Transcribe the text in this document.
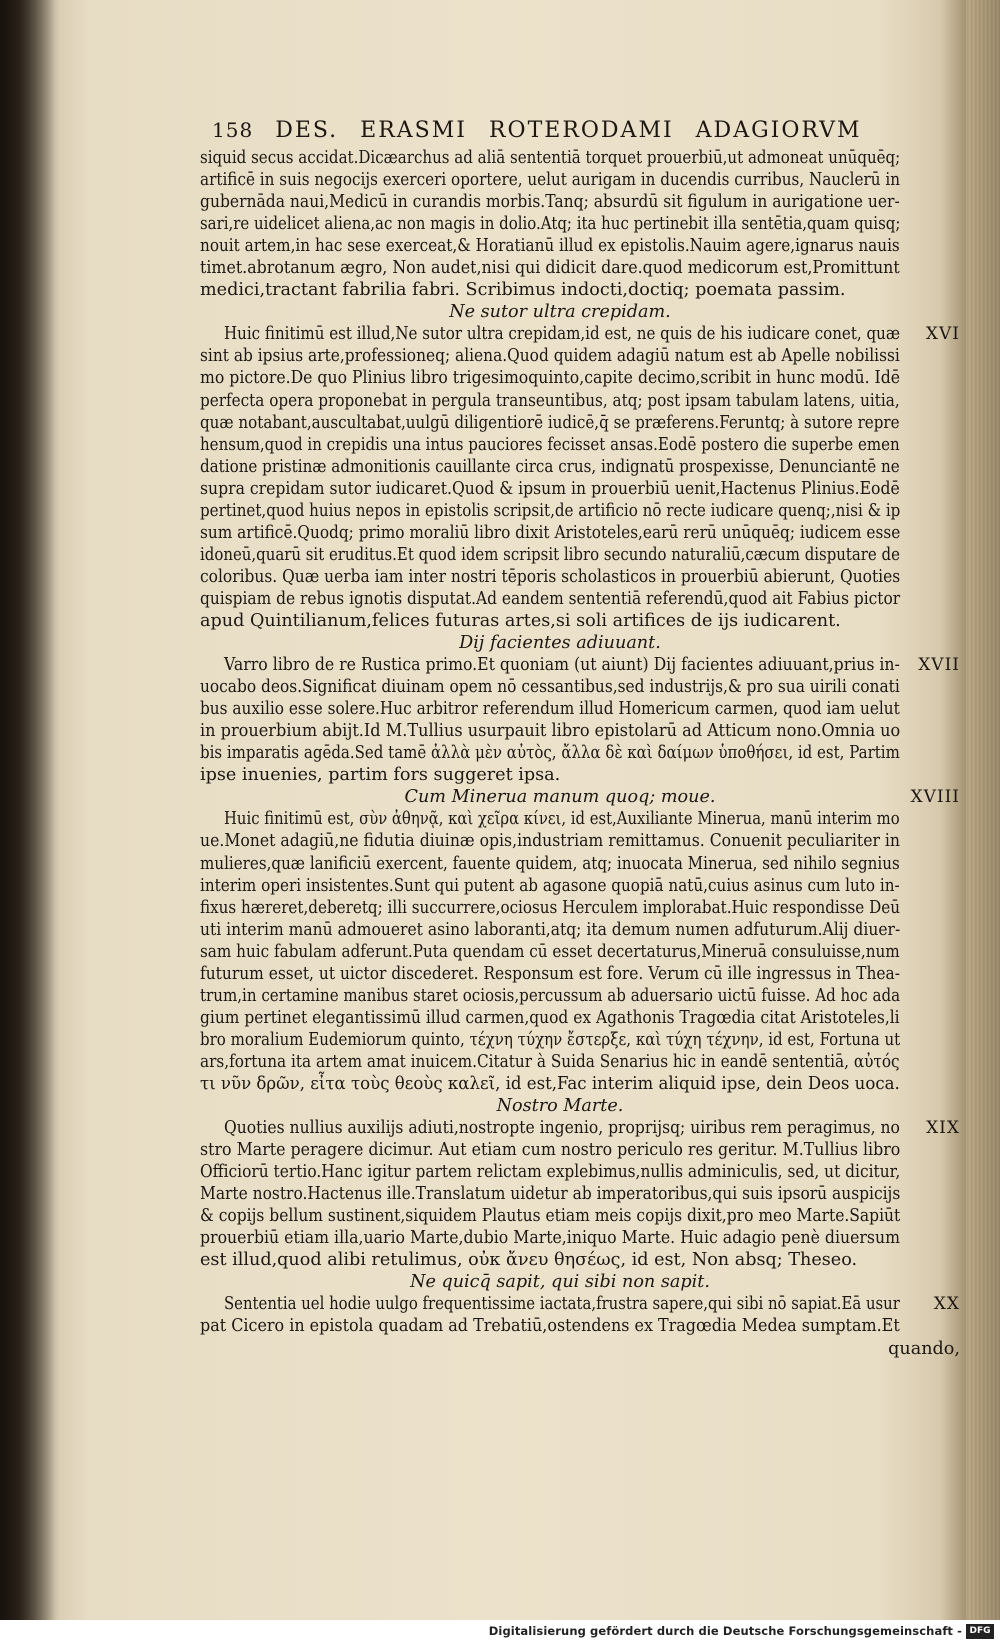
158 DES. ERASMI ROTERODAMI ADAGIORVM
siquid secus accidat.Dicæarchus ad aliā sententiā torquet prouerbiū,ut admoneat unūquēq;
artificē in suis negocijs exerceri oportere, uelut aurigam in ducendis curribus, Nauclerū in
gubernāda naui,Medicū in curandis morbis.Tanq; absurdū sit figulum in aurigatione uer-
sari,re uidelicet aliena,ac non magis in dolio.Atq; ita huc pertinebit illa sentētia,quam quisq;
nouit artem,in hac sese exerceat,& Horatianū illud ex epistolis.Nauim agere,ignarus nauis
timet.abrotanum ægro, Non audet,nisi qui didicit dare.quod medicorum est,Promittunt
medici,tractant fabrilia fabri. Scribimus indocti,doctiq; poemata passim.
Ne sutor ultra crepidam.
Huic finitimū est illud,Ne sutor ultra crepidam,id est, ne quis de his iudicare conet, quæ XVI
sint ab ipsius arte,professioneq; aliena.Quod quidem adagiū natum est ab Apelle nobilissi
mo pictore.De quo Plinius libro trigesimoquinto,capite decimo,scribit in hunc modū. Idē
perfecta opera proponebat in pergula transeuntibus, atq; post ipsam tabulam latens, uitia,
quæ notabant,auscultabat,uulgū diligentiorē iudicē,q̄ se præferens.Feruntq; à sutore repre
hensum,quod in crepidis una intus pauciores fecisset ansas.Eodē postero die superbe emen
datione pristinæ admonitionis cauillante circa crus, indignatū prospexisse, Denunciantē ne
supra crepidam sutor iudicaret.Quod & ipsum in prouerbiū uenit,Hactenus Plinius.Eodē
pertinet,quod huius nepos in epistolis scripsit,de artificio nō recte iudicare quenq;,nisi & ip
sum artificē.Quodq; primo moraliū libro dixit Aristoteles,earū rerū unūquēq; iudicem esse
idoneū,quarū sit eruditus.Et quod idem scripsit libro secundo naturaliū,cæcum disputare de
coloribus. Quæ uerba iam inter nostri tēporis scholasticos in prouerbiū abierunt, Quoties
quispiam de rebus ignotis disputat.Ad eandem sententiā referendū,quod ait Fabius pictor
apud Quintilianum,felices futuras artes,si soli artifices de ijs iudicarent.
Dij facientes adiuuant.
Varro libro de re Rustica primo.Et quoniam (ut aiunt) Dij facientes adiuuant,prius in- XVII
uocabo deos.Significat diuinam opem nō cessantibus,sed industrijs,& pro sua uirili conati
bus auxilio esse solere.Huc arbitror referendum illud Homericum carmen, quod iam uelut
in prouerbium abijt.Id M.Tullius usurpauit libro epistolarū ad Atticum nono.Omnia uo
bis imparatis agēda.Sed tamē ἀλλὰ μὲν αὐτὸς, ἄλλα δὲ καὶ δαίμων ὑποθήσει, id est, Partim
ipse inuenies, partim fors suggeret ipsa.
Cum Minerua manum quoq; moue.	XVIII
Huic finitimū est, σὺν ἀθηνᾷ, καὶ χεῖρα κίνει, id est,Auxiliante Minerua, manū interim mo
ue.Monet adagiū,ne fidutia diuinæ opis,industriam remittamus. Conuenit peculiariter in
mulieres,quæ lanificiū exercent, fauente quidem, atq; inuocata Minerua, sed nihilo segnius
interim operi insistentes.Sunt qui putent ab agasone quopiā natū,cuius asinus cum luto in-
fixus hæreret,deberetq; illi succurrere,ociosus Herculem implorabat.Huic respondisse Deū
uti interim manū admoueret asino laboranti,atq; ita demum numen adfuturum.Alij diuer-
sam huic fabulam adferunt.Puta quendam cū esset decertaturus,Mineruā consuluisse,num
futurum esset, ut uictor discederet. Responsum est fore. Verum cū ille ingressus in Thea-
trum,in certamine manibus staret ociosis,percussum ab aduersario uictū fuisse. Ad hoc ada
gium pertinet elegantissimū illud carmen,quod ex Agathonis Tragœdia citat Aristoteles,li
bro moralium Eudemiorum quinto, τέχνη τύχην ἔστερξε, καὶ τύχη τέχνην, id est, Fortuna ut
ars,fortuna ita artem amat inuicem.Citatur à Suida Senarius hic in eandē sententiā, αὐτός
τι νῦν δρῶν, εἶτα τοὺς θεοὺς καλεῖ, id est,Fac interim aliquid ipse, dein Deos uoca.
Nostro Marte.
Quoties nullius auxilijs adiuti,nostropte ingenio, proprijsq; uiribus rem peragimus, no XIX
stro Marte peragere dicimur. Aut etiam cum nostro periculo res geritur. M.Tullius libro
Officiorū tertio.Hanc igitur partem relictam explebimus,nullis adminiculis, sed, ut dicitur,
Marte nostro.Hactenus ille.Translatum uidetur ab imperatoribus,qui suis ipsorū auspicijs
& copijs bellum sustinent,siquidem Plautus etiam meis copijs dixit,pro meo Marte.Sapiūt
prouerbiū etiam illa,uario Marte,dubio Marte,iniquo Marte. Huic adagio penè diuersum
est illud,quod alibi retulimus, οὐκ ἄνευ θησέως, id est, Non absq; Theseo.
Ne quicq̄ sapit, qui sibi non sapit.
Sententia uel hodie uulgo frequentissime iactata,frustra sapere,qui sibi nō sapiat.Eā usur XX
pat Cicero in epistola quadam ad Trebatiū,ostendens ex Tragœdia Medea sumptam.Et
quando,
Digitalisierung gefördert durch die Deutsche Forschungsgemeinschaft - DFG
